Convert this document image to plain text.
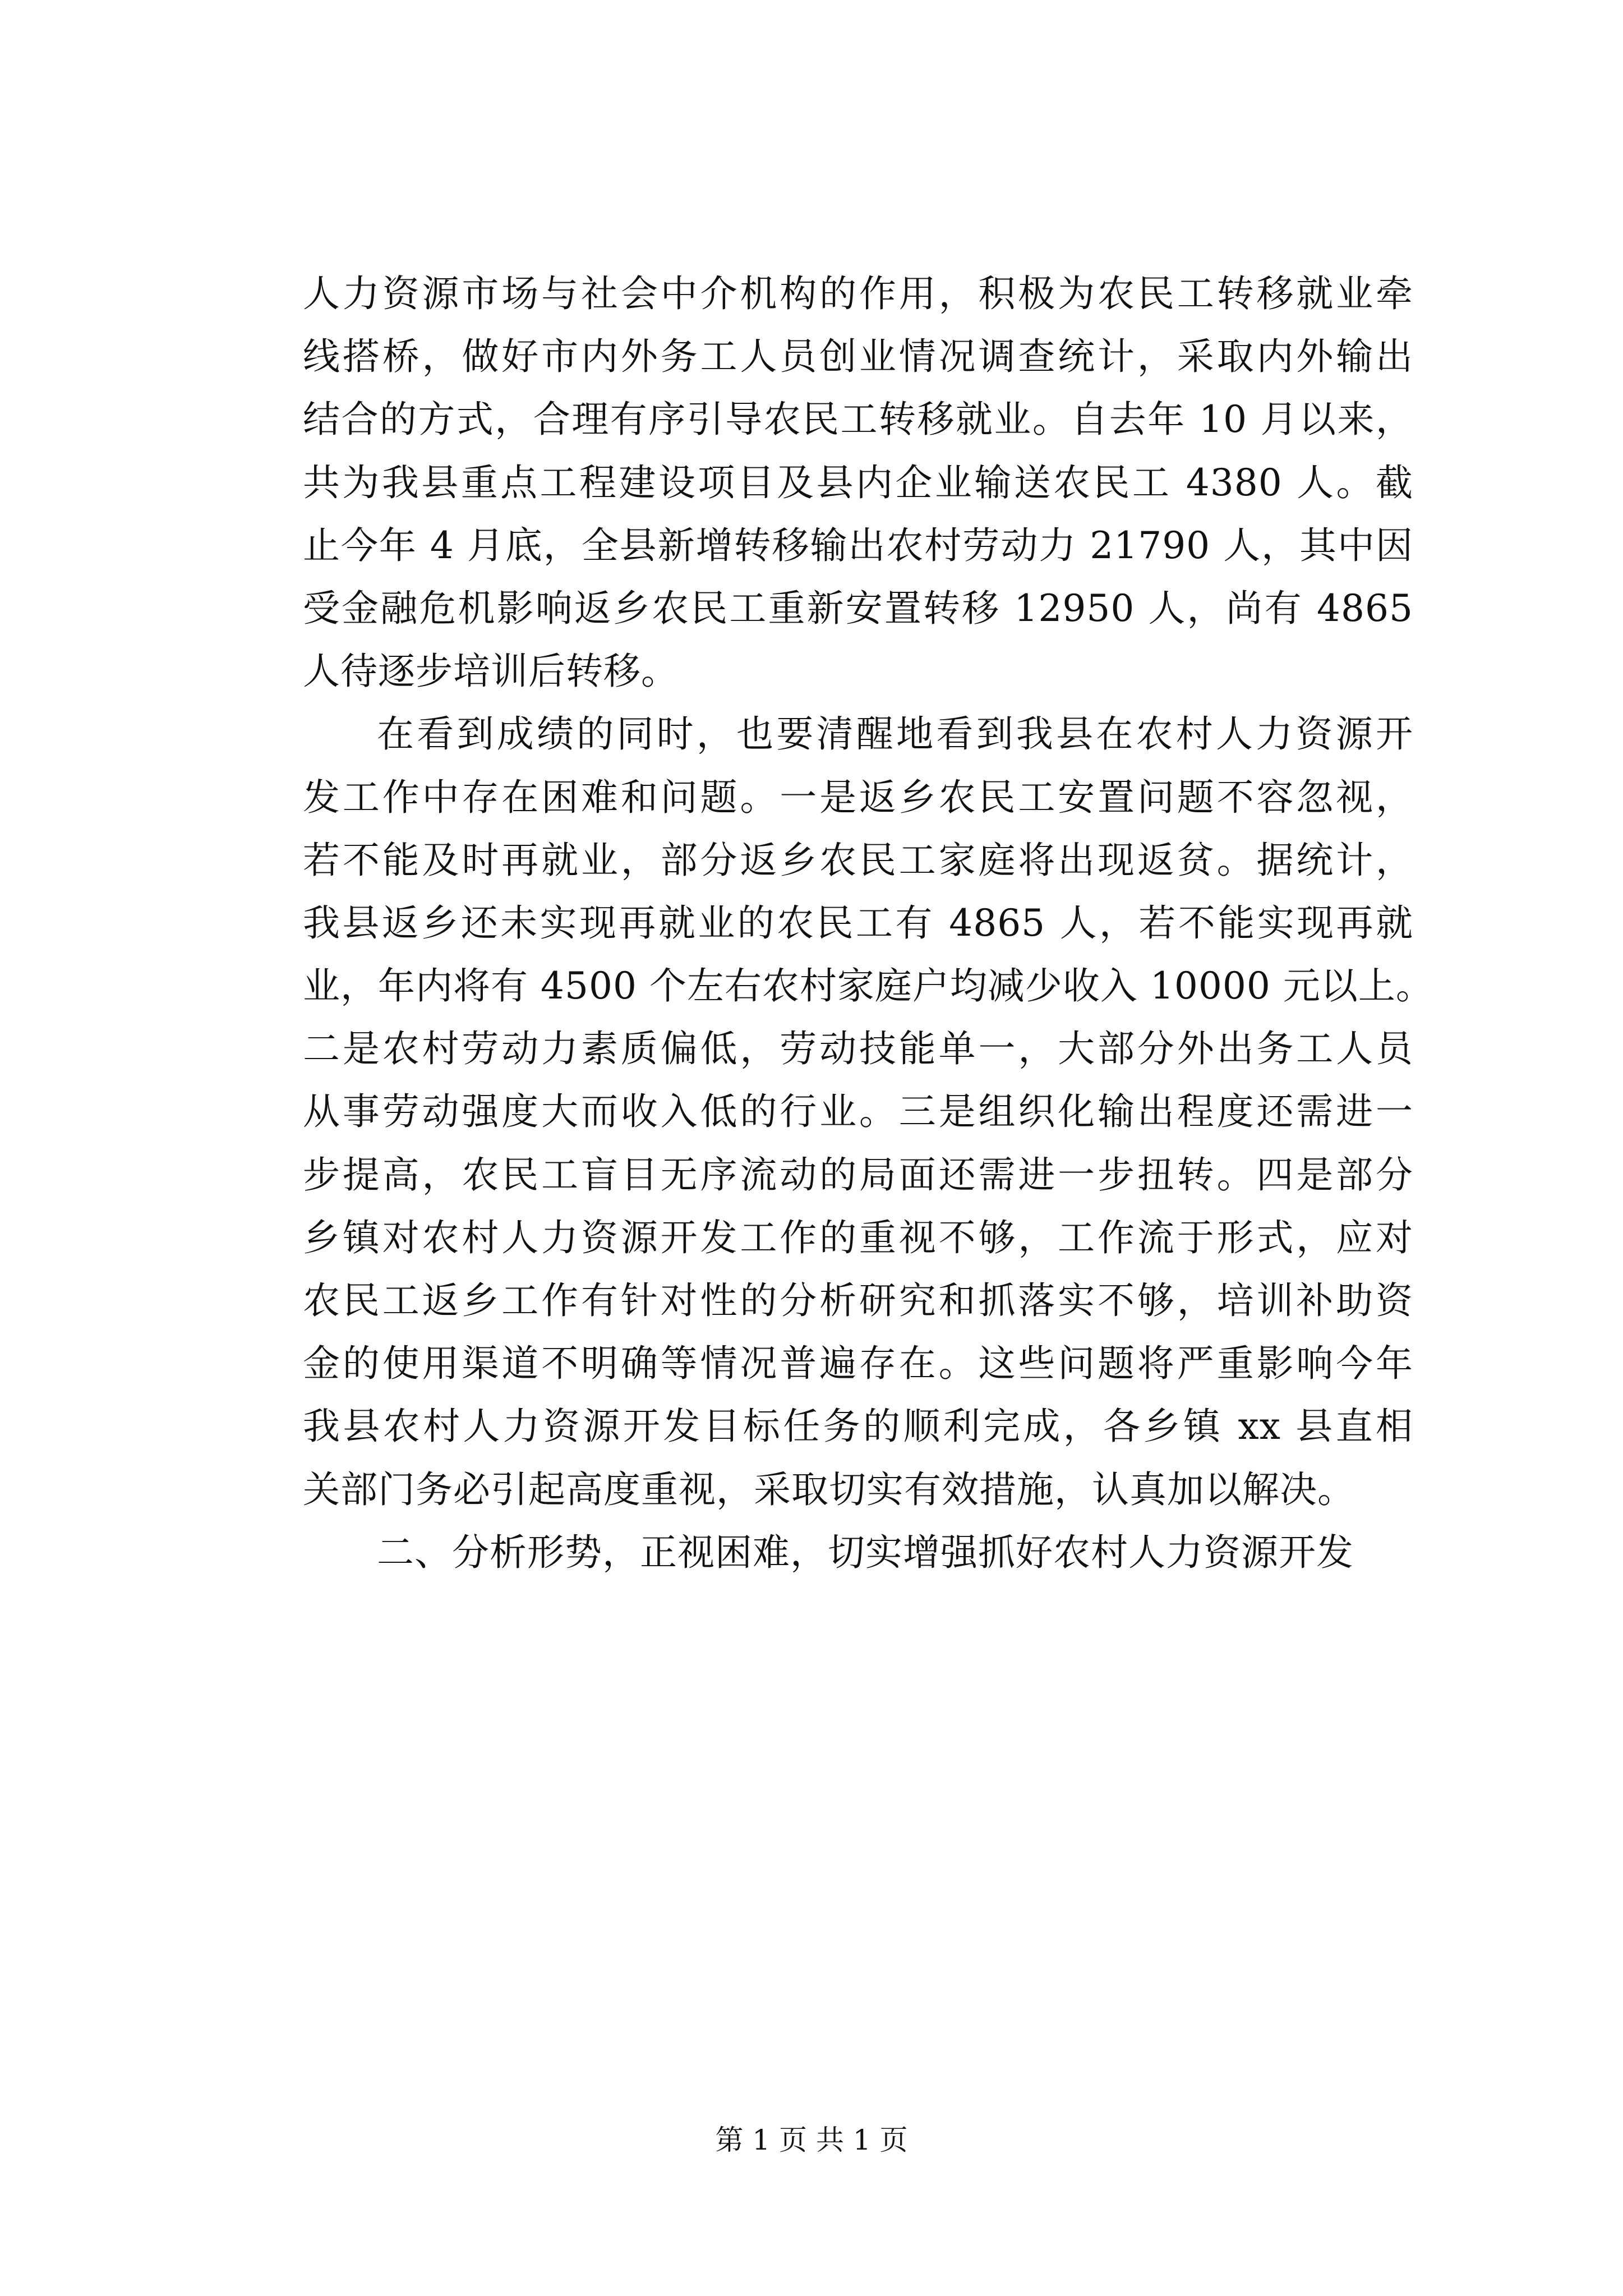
人力资源市场与社会中介机构的作用，积极为农民工转移就业牵
线搭桥，做好市内外务工人员创业情况调查统计，采取内外输出
结合的方式，合理有序引导农民工转移就业。自去年 10 月以来，
共为我县重点工程建设项目及县内企业输送农民工 4380 人。截
止今年 4 月底，全县新增转移输出农村劳动力 21790 人，其中因
受金融危机影响返乡农民工重新安置转移 12950 人，尚有 4865
人待逐步培训后转移。
在看到成绩的同时，也要清醒地看到我县在农村人力资源开
发工作中存在困难和问题。一是返乡农民工安置问题不容忽视，
若不能及时再就业，部分返乡农民工家庭将出现返贫。据统计，
我县返乡还未实现再就业的农民工有 4865 人，若不能实现再就
业，年内将有 4500 个左右农村家庭户均减少收入 10000 元以上。
二是农村劳动力素质偏低，劳动技能单一，大部分外出务工人员
从事劳动强度大而收入低的行业。三是组织化输出程度还需进一
步提高，农民工盲目无序流动的局面还需进一步扭转。四是部分
乡镇对农村人力资源开发工作的重视不够，工作流于形式，应对
农民工返乡工作有针对性的分析研究和抓落实不够，培训补助资
金的使用渠道不明确等情况普遍存在。这些问题将严重影响今年
我县农村人力资源开发目标任务的顺利完成，各乡镇 xx 县直相
关部门务必引起高度重视，采取切实有效措施，认真加以解决。
二、分析形势，正视困难，切实增强抓好农村人力资源开发
第 1 页 共 1 页
